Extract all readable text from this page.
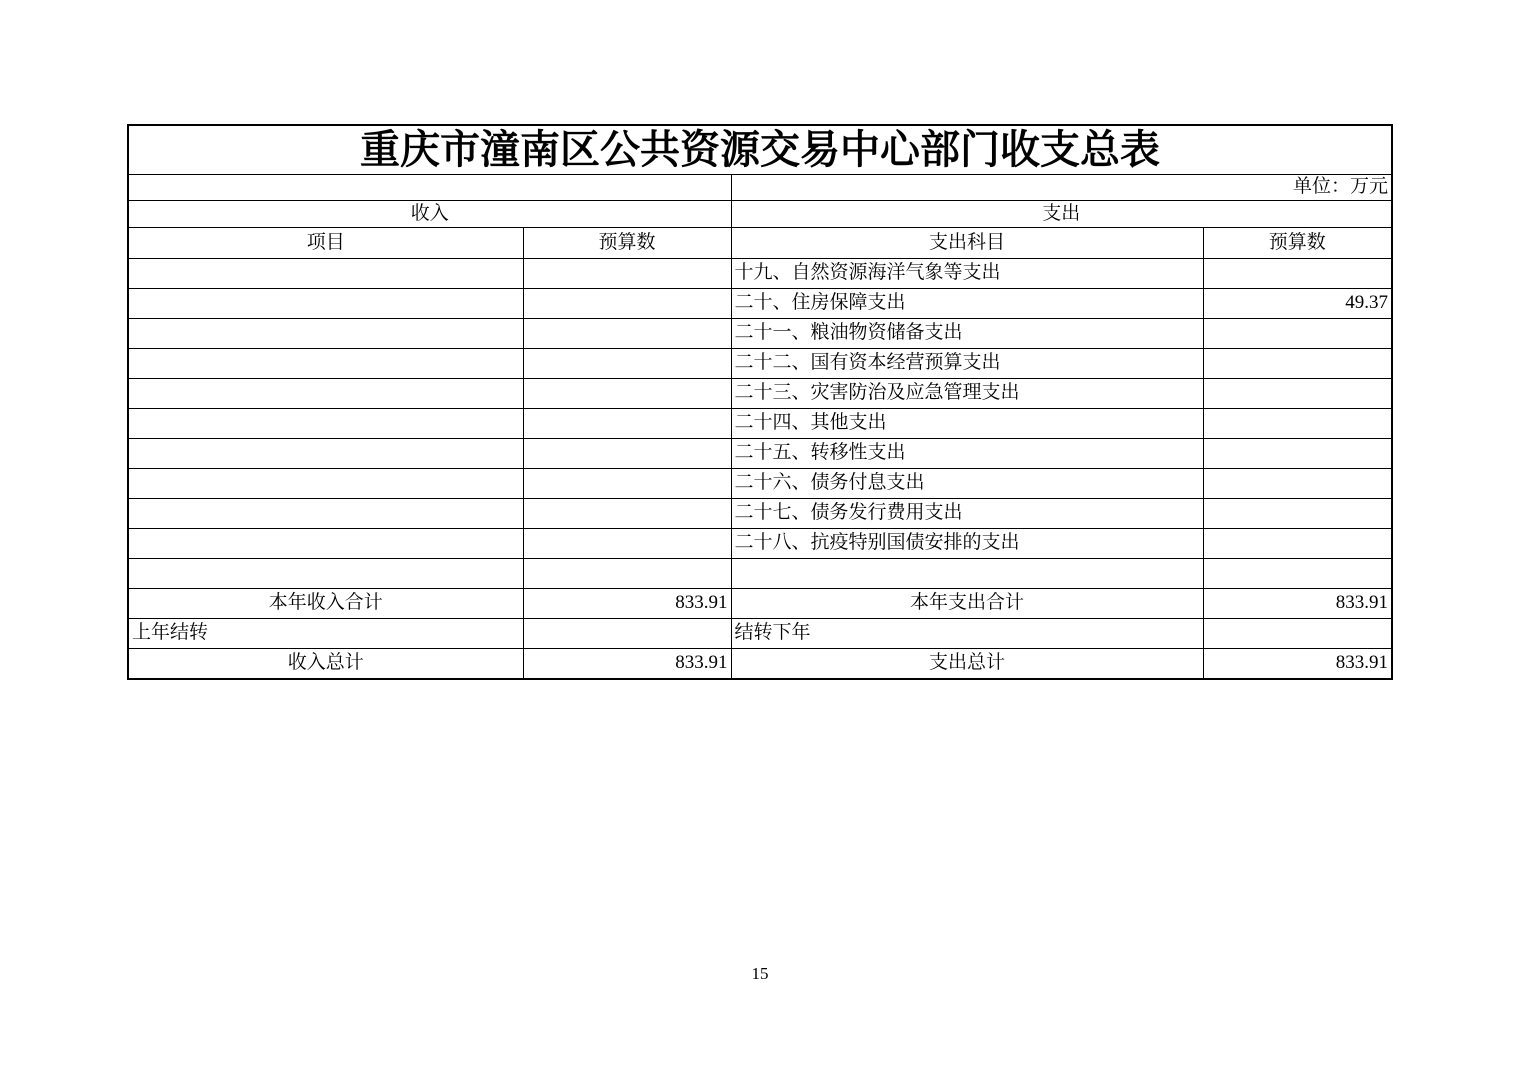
重庆市潼南区公共资源交易中心部门收支总表			
		单位：万元	
收入		支出	
项目	预算数	支出科目	预算数
		十九、自然资源海洋气象等支出	
		二十、住房保障支出	49.37
		二十一、粮油物资储备支出	
		二十二、国有资本经营预算支出	
		二十三、灾害防治及应急管理支出	
		二十四、其他支出	
		二十五、转移性支出	
		二十六、债务付息支出	
		二十七、债务发行费用支出	
		二十八、抗疫特别国债安排的支出	

本年收入合计	833.91	本年支出合计	833.91
上年结转		结转下年	
收入总计	833.91	支出总计	833.91
15
